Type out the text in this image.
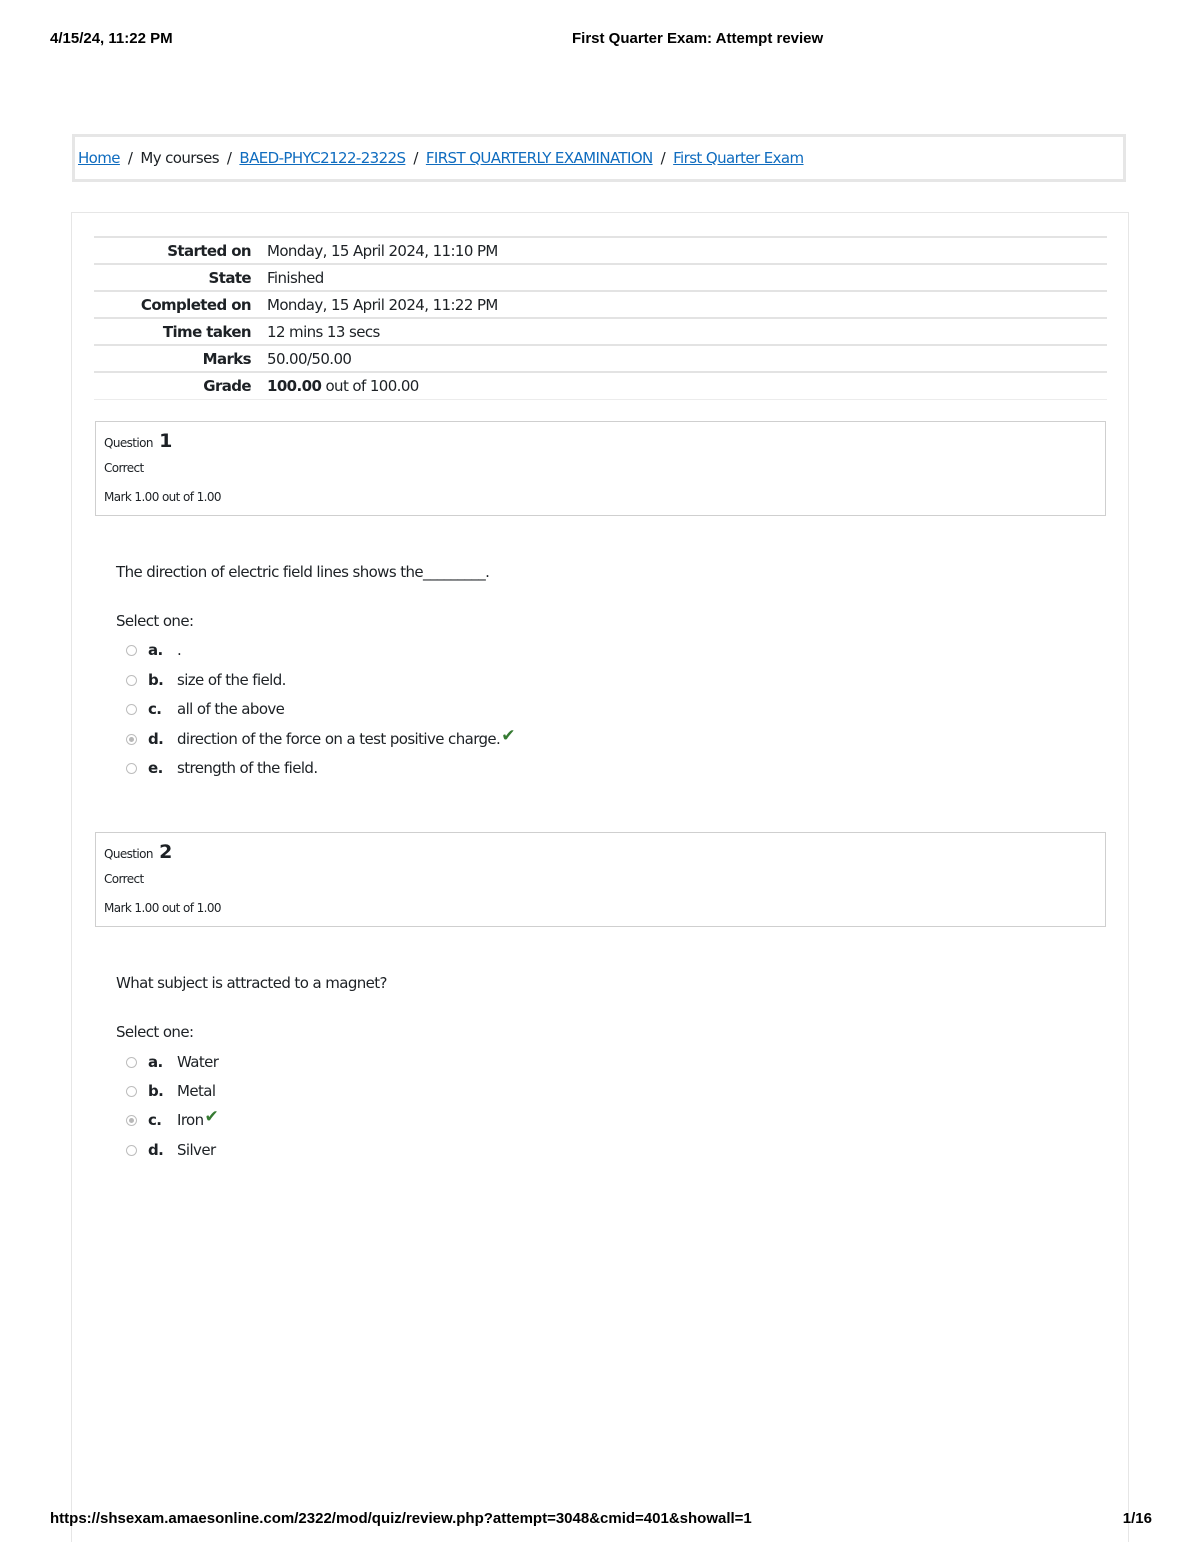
4/15/24, 11:22 PM	First Quarter Exam: Attempt review
Home / My courses / BAED-PHYC2122-2322S / FIRST QUARTERLY EXAMINATION / First Quarter Exam
Started on	Monday, 15 April 2024, 11:10 PM
State	Finished
Completed on	Monday, 15 April 2024, 11:22 PM
Time taken	12 mins 13 secs
Marks	50.00/50.00
Grade	100.00 out of 100.00
Question 1
Correct
Mark 1.00 out of 1.00
The direction of electric field lines shows the_________.
Select one:
a. .
b. size of the field.
c.	all of the above
d. direction of the force on a test positive charge. ✔
e. strength of the field.
Question 2
Correct
Mark 1.00 out of 1.00
What subject is attracted to a magnet?
Select one:
a. Water
b. Metal
c.	Iron ✔
d. Silver
https://shsexam.amaesonline.com/2322/mod/quiz/review.php?attempt=3048&cmid=401&showall=1	1/16
